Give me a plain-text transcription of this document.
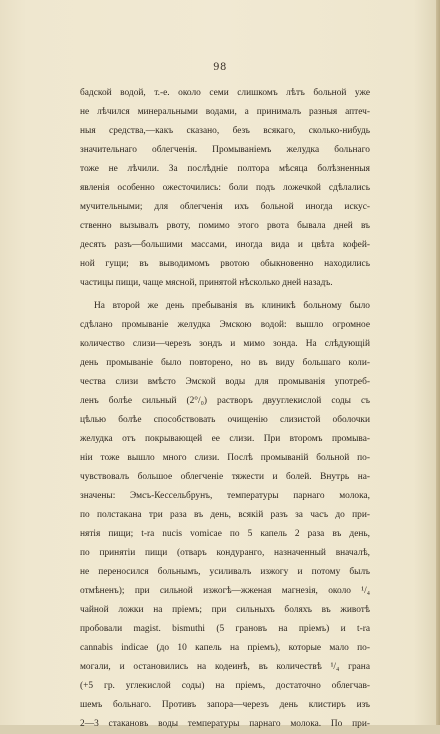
98
бадской водой, т.-е. около семи слишкомъ лѣтъ больной уже
не лѣчился минеральными водами, а принималъ разныя аптеч-
ныя средства,—какъ сказано, безъ всякаго, сколько-нибудь
значительнаго облегченія. Промываніемъ желудка больнаго
тоже не лѣчили. За послѣдніе полтора мѣсяца болѣзненныя
явленія особенно ожесточились: боли подъ ложечкой сдѣлались
мучительными; для облегченія ихъ больной иногда искус-
ственно вызывалъ рвоту, помимо этого рвота бывала дней въ
десять разъ—большими массами, иногда вида и цвѣта кофей-
ной гущи; въ выводимомъ рвотою обыкновенно находились
частицы пищи, чаще мясной, принятой нѣсколько дней назадъ.
На второй же день пребыванія въ клиникѣ больному было
сдѣлано промываніе желудка Эмскою водой: вышло огромное
количество слизи—черезъ зондъ и мимо зонда. На слѣдующій
день промываніе было повторено, но въ виду большаго коли-
чества слизи вмѣсто Эмской воды для промыванія употреб-
ленъ болѣе сильный (2°/₀) растворъ двууглекислой соды съ
цѣлью болѣе способствовать очищенію слизистой оболочки
желудка отъ покрывающей ее слизи. При второмъ промыва-
ніи тоже вышло много слизи. Послѣ промываній больной по-
чувствовалъ большое облегченіе тяжести и болей. Внутрь на-
значены: Эмсъ-Кессельбрунъ, температуры парнаго молока,
по полстакана три раза въ день, всякій разъ за часъ до при-
нятія пищи; t-ra nucis vomicae по 5 капель 2 раза въ день,
по принятіи пищи (отваръ кондуранго, назначенный вначалѣ,
не переносился больнымъ, усиливалъ изжогу и потому былъ
отмѣненъ); при сильной изжогѣ—жженая магнезія, около ¹/₄
чайной ложки на пріемъ; при сильныхъ боляхъ въ животѣ
пробовали magist. bismuthi (5 грановъ на пріемъ) и t-ra
cannabis indicae (до 10 капель на пріемъ), которые мало по-
могали, и остановились на кодеинѣ, въ количествѣ ¹/₄ грана
(+5 гр. углекислой соды) на пріемъ, достаточно облегчав-
шемъ больнаго. Противъ запора—черезъ день клистиръ изъ
2—3 стакановъ воды температуры парнаго молока. По при-
